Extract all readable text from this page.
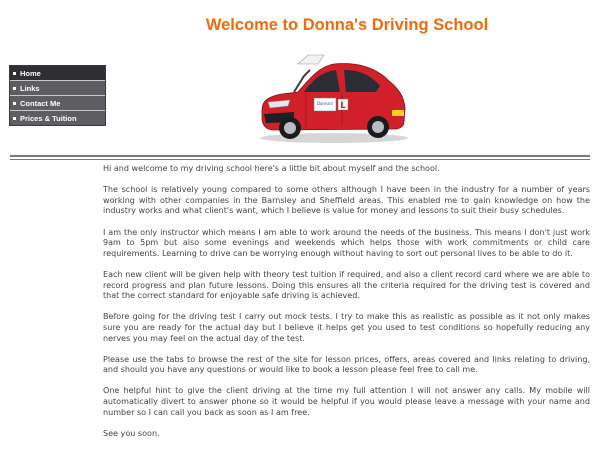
Welcome to Donna's Driving School
Home
Links
Contact Me
Prices & Tuition
Donna's L

Hi and welcome to my driving school here's a little bit about myself and the school.

The school is relatively young compared to some others although I have been in the industry for a number of years working with other companies in the Barnsley and Sheffield areas. This enabled me to gain knowledge on how the industry works and what client's want, which I believe is value for money and lessons to suit their busy schedules.

I am the only instructor which means I am able to work around the needs of the business. This means I don't just work 9am to 5pm but also some evenings and weekends which helps those with work commitments or child care requirements. Learning to drive can be worrying enough without having to sort out personal lives to be able to do it.

Each new client will be given help with theory test tuition if required, and also a client record card where we are able to record progress and plan future lessons. Doing this ensures all the criteria required for the driving test is covered and that the correct standard for enjoyable safe driving is achieved.

Before going for the driving test I carry out mock tests. I try to make this as realistic as possible as it not only makes sure you are ready for the actual day but I believe it helps get you used to test conditions so hopefully reducing any nerves you may feel on the actual day of the test.

Please use the tabs to browse the rest of the site for lesson prices, offers, areas covered and links relating to driving, and should you have any questions or would like to book a lesson please feel free to call me.

One helpful hint to give the client driving at the time my full attention I will not answer any calls. My mobile will automatically divert to answer phone so it would be helpful if you would please leave a message with your name and number so I can call you back as soon as I am free.

See you soon.
